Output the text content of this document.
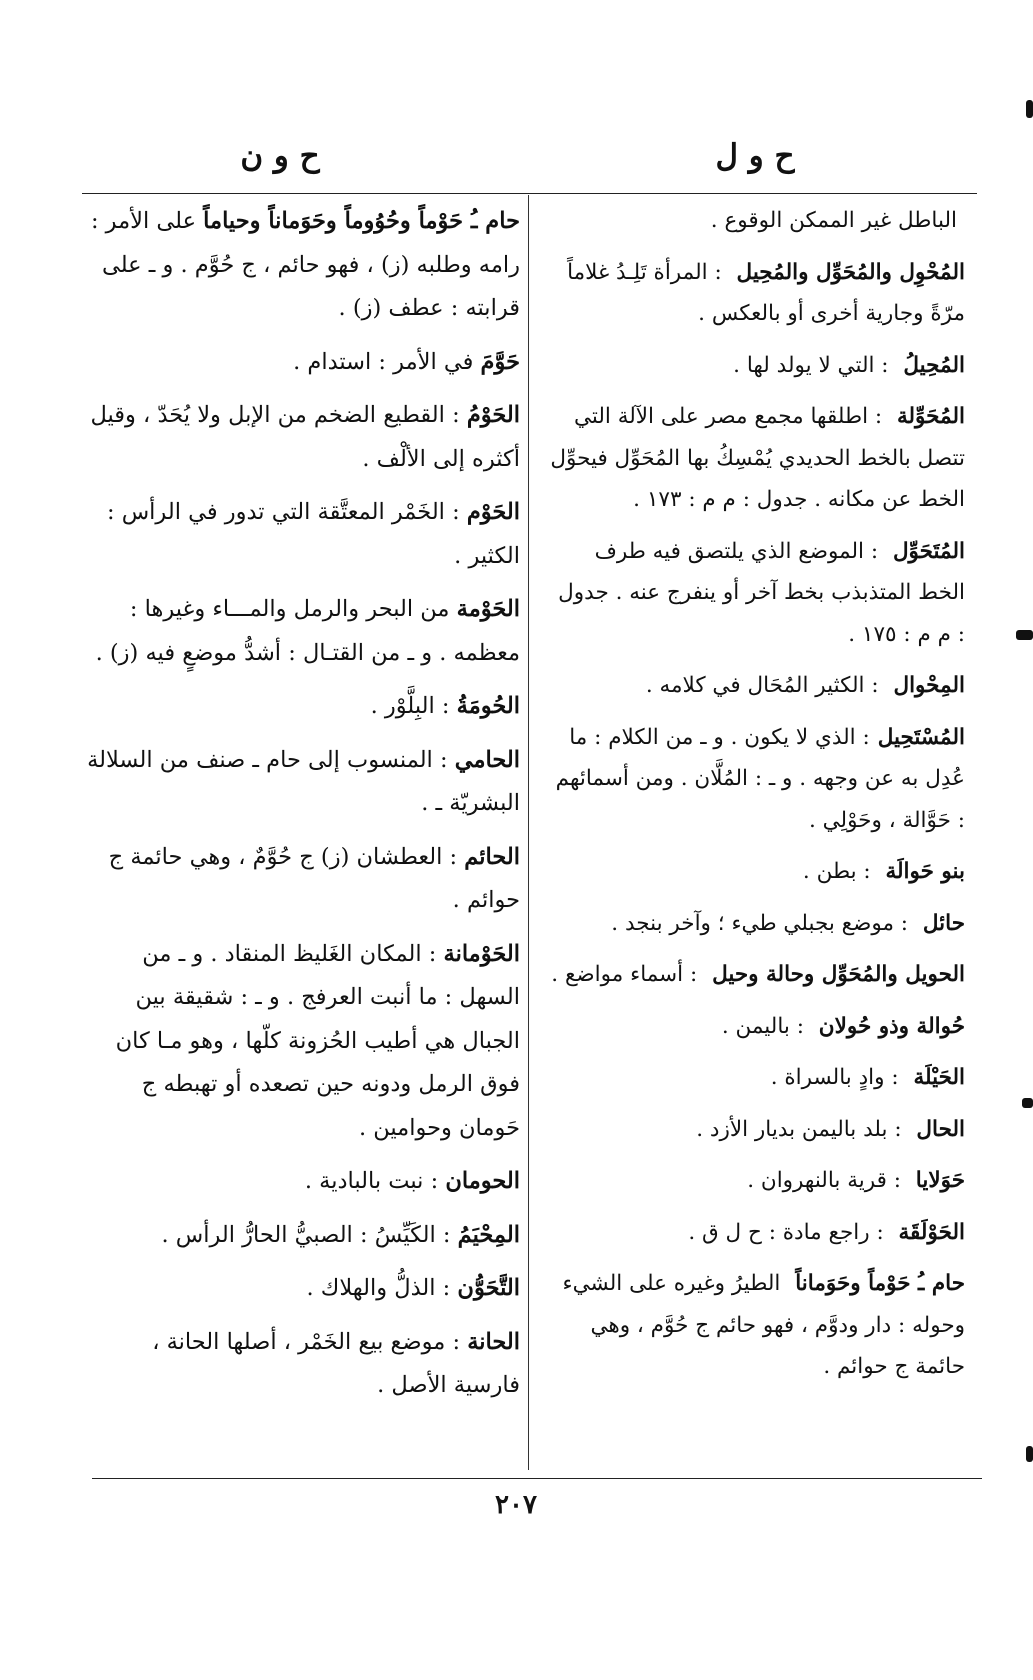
ح و ل
ح و ن

الباطل غير الممكن الوقوع .

المُحْوِل والمُحَوِّل والمُحِيل : المرأة تَلِـدُ غلاماً مرّةً وجارية أخرى أو بالعكس .

المُحِيلُ : التي لا يولد لها .

المُحَوِّلة : اطلقها مجمع مصر على الآلة التي تتصل بالخط الحديدي يُمْسِكُ بها المُحَوِّل فيحوِّل الخط عن مكانه . جدول : م م : ١٧٣ .

المُتَحَوِّل : الموضع الذي يلتصق فيه طرف الخط المتذبذب بخط آخر أو ينفرج عنه . جدول : م م : ١٧٥ .

المِحْوال : الكثير المُحَال في كلامه .

المُسْتَحِيل: الذي لا يكون . و ـ من الكلام : ما عُدِل به عن وجهه . و ـ : المُلَّان . ومن أسمائهم : حَوَّالة ، وحَوْلِي .

بنو حَوالَة : بطن .

حائل : موضع بجبلي طيء ؛ وآخر بنجد .

الحويل والمُحَوِّل وحالة وحيل : أسماء مواضع .

حُوالة وذو حُولان : باليمن .

الحَيْلَة : وادٍ بالسراة .

الحال : بلد باليمن بديار الأزد .

حَوَلايا : قرية بالنهروان .

الحَوْلَقَة : راجع مادة : ح ل ق .

حام ـُ حَوْماً وحَوَماناً الطيرُ وغيره على الشيء وحوله : دار ودوَّم ، فهو حائم ج حُوَّم ، وهي حائمة ج حوائم .

حام ـُ حَوْماً وحُوُوماً وحَوَماناً وحياماً على الأمر : رامه وطلبه (ز) ، فهو حائم ، ج حُوَّم . و ـ على قرابته : عطف (ز) .

حَوَّمَ في الأمر : استدام .

الحَوْمُ : القطيع الضخم من الإبل ولا يُحَدّ ، وقيل أكثره إلى الألْف .

الحَوْم : الخَمْر المعتَّقة التي تدور في الرأس : الكثير .

الحَوْمة من البحر والرمل والمـــاء وغيرها : معظمه . و ـ من القتـال : أشدُّ موضعٍ فيه (ز) .

الحُومَةُ : البِلَّوْر .

الحامي : المنسوب إلى حام ـ صنف من السلالة البشريّة ـ .

الحائم : العطشان (ز) ج حُوَّمٌ ، وهي حائمة ج حوائم .

الحَوْمانة : المكان الغَليظ المنقاد . و ـ من السهل : ما أنبت العرفج . و ـ : شقيقة بين الجبال هي أطيب الحُزونة كلّها ، وهو مـا كان فوق الرمل ودونه حين تصعده أو تهبطه ج حَومان وحوامين .

الحومان : نبت بالبادية .

المِحْيَمُ : الكَيِّسُ : الصبيُّ الحارُّ الرأس .

التَّحَوُّن : الذلُّ والهلاك .

الحانة : موضع بيع الخَمْر ، أصلها الحانة ، فارسية الأصل .

٢٠٧
